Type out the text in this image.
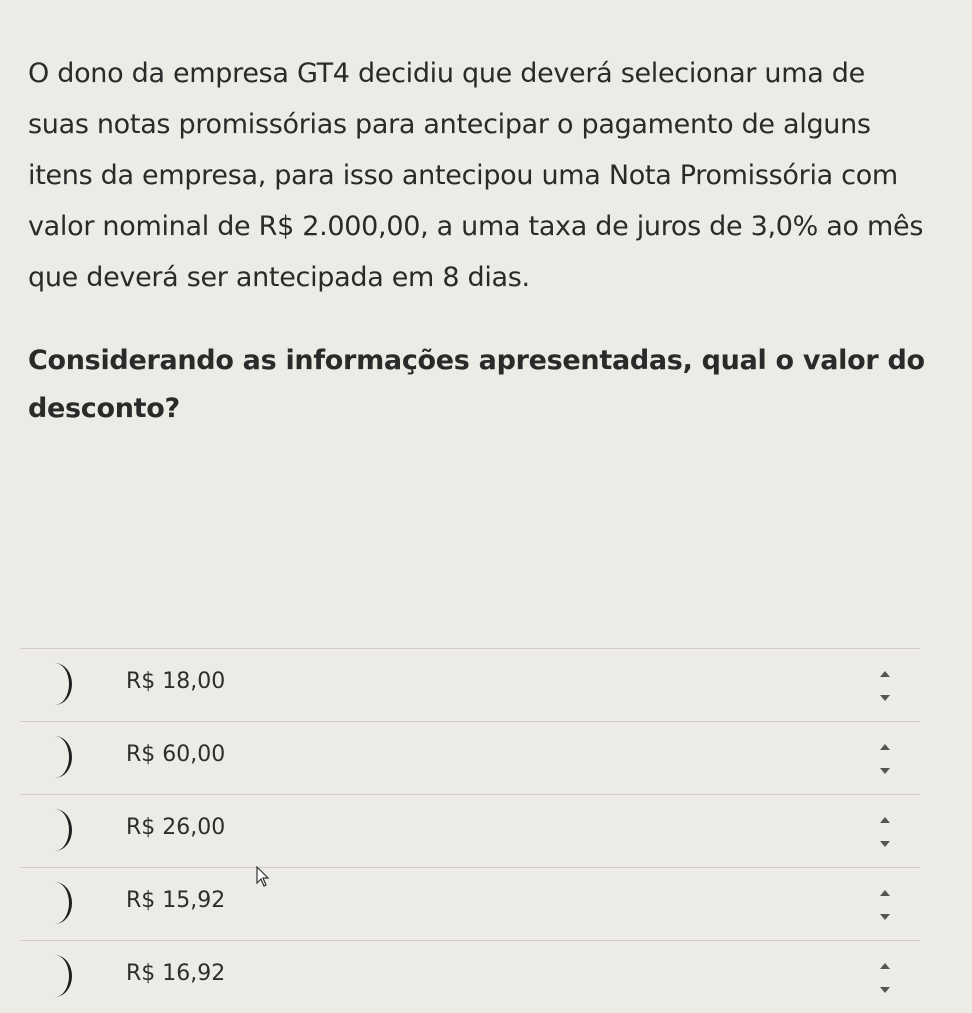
O dono da empresa GT4 decidiu que deverá selecionar uma de suas notas promissórias para antecipar o pagamento de alguns itens da empresa, para isso antecipou uma Nota Promissória com valor nominal de R$ 2.000,00, a uma taxa de juros de 3,0% ao mês que deverá ser antecipada em 8 dias.

Considerando as informações apresentadas, qual o valor do desconto?

R$ 18,00
R$ 60,00
R$ 26,00
R$ 15,92
R$ 16,92
